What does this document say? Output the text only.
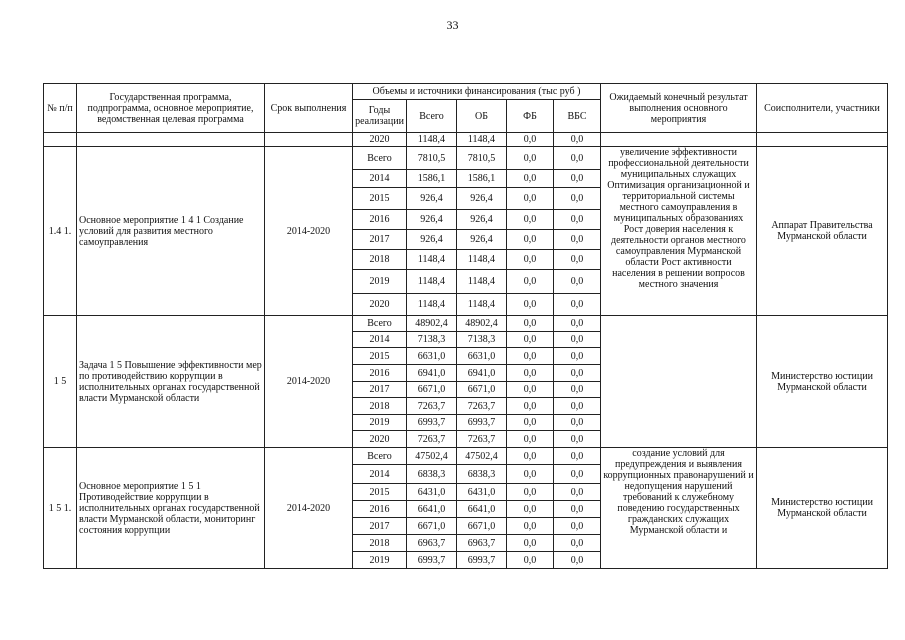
33
№ п/п	Государственная программа, подпрограмма, основное мероприятие, ведомственная целевая программа	Срок выполнения	Объемы и источники финансирования (тыс руб )					Ожидаемый конечный результат выполнения основного мероприятия	Соисполнители, участники
			Годы реализации	Всего	ОБ	ФБ	ВБС		
			2020	1148,4	1148,4	0,0	0,0		
1.4 1.	Основное мероприятие 1 4 1 Создание условий для развития местного самоуправления	2014-2020	Всего	7810,5	7810,5	0,0	0,0	увеличение эффективности профессиональной деятельности муниципальных служащих Оптимизация организационной и территориальной системы местного самоуправления в муниципальных образованиях Рост доверия населения к деятельности органов местного самоуправления Мурманской области Рост активности населения в решении вопросов местного значения	Аппарат Правительства Мурманской области
			2014	1586,1	1586,1	0,0	0,0		
			2015	926,4	926,4	0,0	0,0		
			2016	926,4	926,4	0,0	0,0		
			2017	926,4	926,4	0,0	0,0		
			2018	1148,4	1148,4	0,0	0,0		
			2019	1148,4	1148,4	0,0	0,0		
			2020	1148,4	1148,4	0,0	0,0		
1 5	Задача 1 5 Повышение эффективности мер по противодействию коррупции в исполнительных органах государственной власти Мурманской области	2014-2020	Всего	48902,4	48902,4	0,0	0,0		Министерство юстиции Мурманской области
			2014	7138,3	7138,3	0,0	0,0		
			2015	6631,0	6631,0	0,0	0,0		
			2016	6941,0	6941,0	0,0	0,0		
			2017	6671,0	6671,0	0,0	0,0		
			2018	7263,7	7263,7	0,0	0,0		
			2019	6993,7	6993,7	0,0	0,0		
			2020	7263,7	7263,7	0,0	0,0		
1 5 1.	Основное мероприятие 1 5 1 Противодействие коррупции в исполнительных органах государственной власти Мурманской области, мониторинг состояния коррупции	2014-2020	Всего	47502,4	47502,4	0,0	0,0	создание условий для предупреждения и выявления коррупционных правонарушений и недопущения нарушений требований к служебному поведению государственных гражданских служащих Мурманской области и	Министерство юстиции Мурманской области
			2014	6838,3	6838,3	0,0	0,0		
			2015	6431,0	6431,0	0,0	0,0		
			2016	6641,0	6641,0	0,0	0,0		
			2017	6671,0	6671,0	0,0	0,0		
			2018	6963,7	6963,7	0,0	0,0		
			2019	6993,7	6993,7	0,0	0,0		
